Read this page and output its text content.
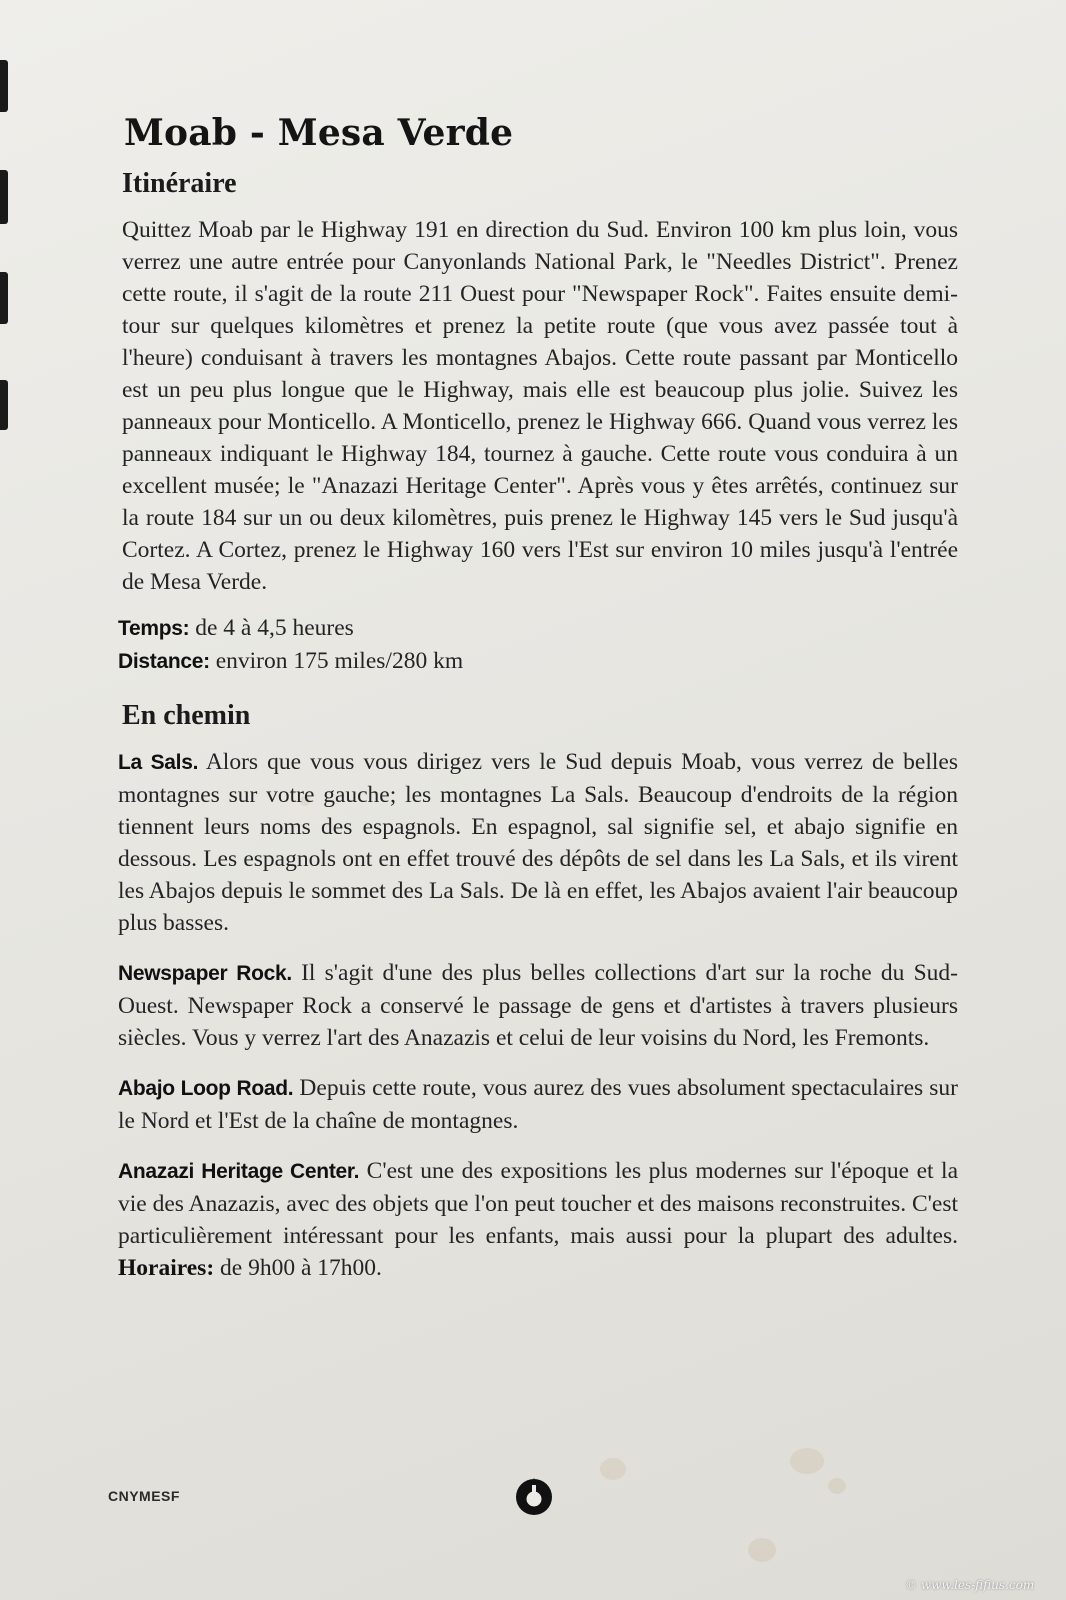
Moab - Mesa Verde
Itinéraire

Quittez Moab par le Highway 191 en direction du Sud. Environ 100 km plus loin, vous verrez une autre entrée pour Canyonlands National Park, le "Needles District". Prenez cette route, il s'agit de la route 211 Ouest pour "Newspaper Rock". Faites ensuite demi-tour sur quelques kilomètres et prenez la petite route (que vous avez passée tout à l'heure) conduisant à travers les montagnes Abajos. Cette route passant par Monticello est un peu plus longue que le Highway, mais elle est beaucoup plus jolie. Suivez les panneaux pour Monticello. A Monticello, prenez le Highway 666. Quand vous verrez les panneaux indiquant le Highway 184, tournez à gauche. Cette route vous conduira à un excellent musée; le "Anazazi Heritage Center". Après vous y êtes arrêtés, continuez sur la route 184 sur un ou deux kilomètres, puis prenez le Highway 145 vers le Sud jusqu'à Cortez. A Cortez, prenez le Highway 160 vers l'Est sur environ 10 miles jusqu'à l'entrée de Mesa Verde.

Temps: de 4 à 4,5 heures
Distance: environ 175 miles/280 km
En chemin

La Sals. Alors que vous vous dirigez vers le Sud depuis Moab, vous verrez de belles montagnes sur votre gauche; les montagnes La Sals. Beaucoup d'endroits de la région tiennent leurs noms des espagnols. En espagnol, sal signifie sel, et abajo signifie en dessous. Les espagnols ont en effet trouvé des dépôts de sel dans les La Sals, et ils virent les Abajos depuis le sommet des La Sals. De là en effet, les Abajos avaient l'air beaucoup plus basses.

Newspaper Rock. Il s'agit d'une des plus belles collections d'art sur la roche du Sud-Ouest. Newspaper Rock a conservé le passage de gens et d'artistes à travers plusieurs siècles. Vous y verrez l'art des Anazazis et celui de leur voisins du Nord, les Fremonts.

Abajo Loop Road. Depuis cette route, vous aurez des vues absolument spectaculaires sur le Nord et l'Est de la chaîne de montagnes.

Anazazi Heritage Center. C'est une des expositions les plus modernes sur l'époque et la vie des Anazazis, avec des objets que l'on peut toucher et des maisons reconstruites. C'est particulièrement intéressant pour les enfants, mais aussi pour la plupart des adultes. Horaires: de 9h00 à 17h00.

CNYMESF
© www.les-fifius.com
